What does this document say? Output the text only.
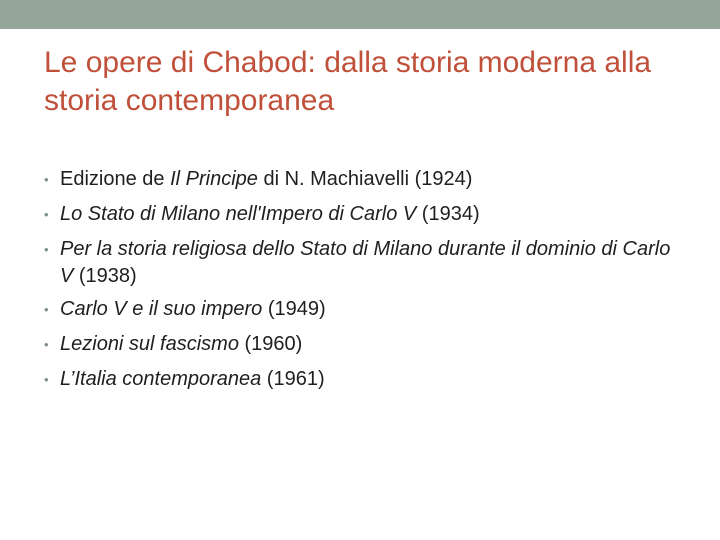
Le opere di Chabod: dalla storia moderna alla storia contemporanea
• Edizione de Il Principe di N. Machiavelli (1924)
• Lo Stato di Milano nell'Impero di Carlo V (1934)
• Per la storia religiosa dello Stato di Milano durante il dominio di Carlo V (1938)
• Carlo V e il suo impero (1949)
• Lezioni sul fascismo (1960)
• L’Italia contemporanea (1961)
